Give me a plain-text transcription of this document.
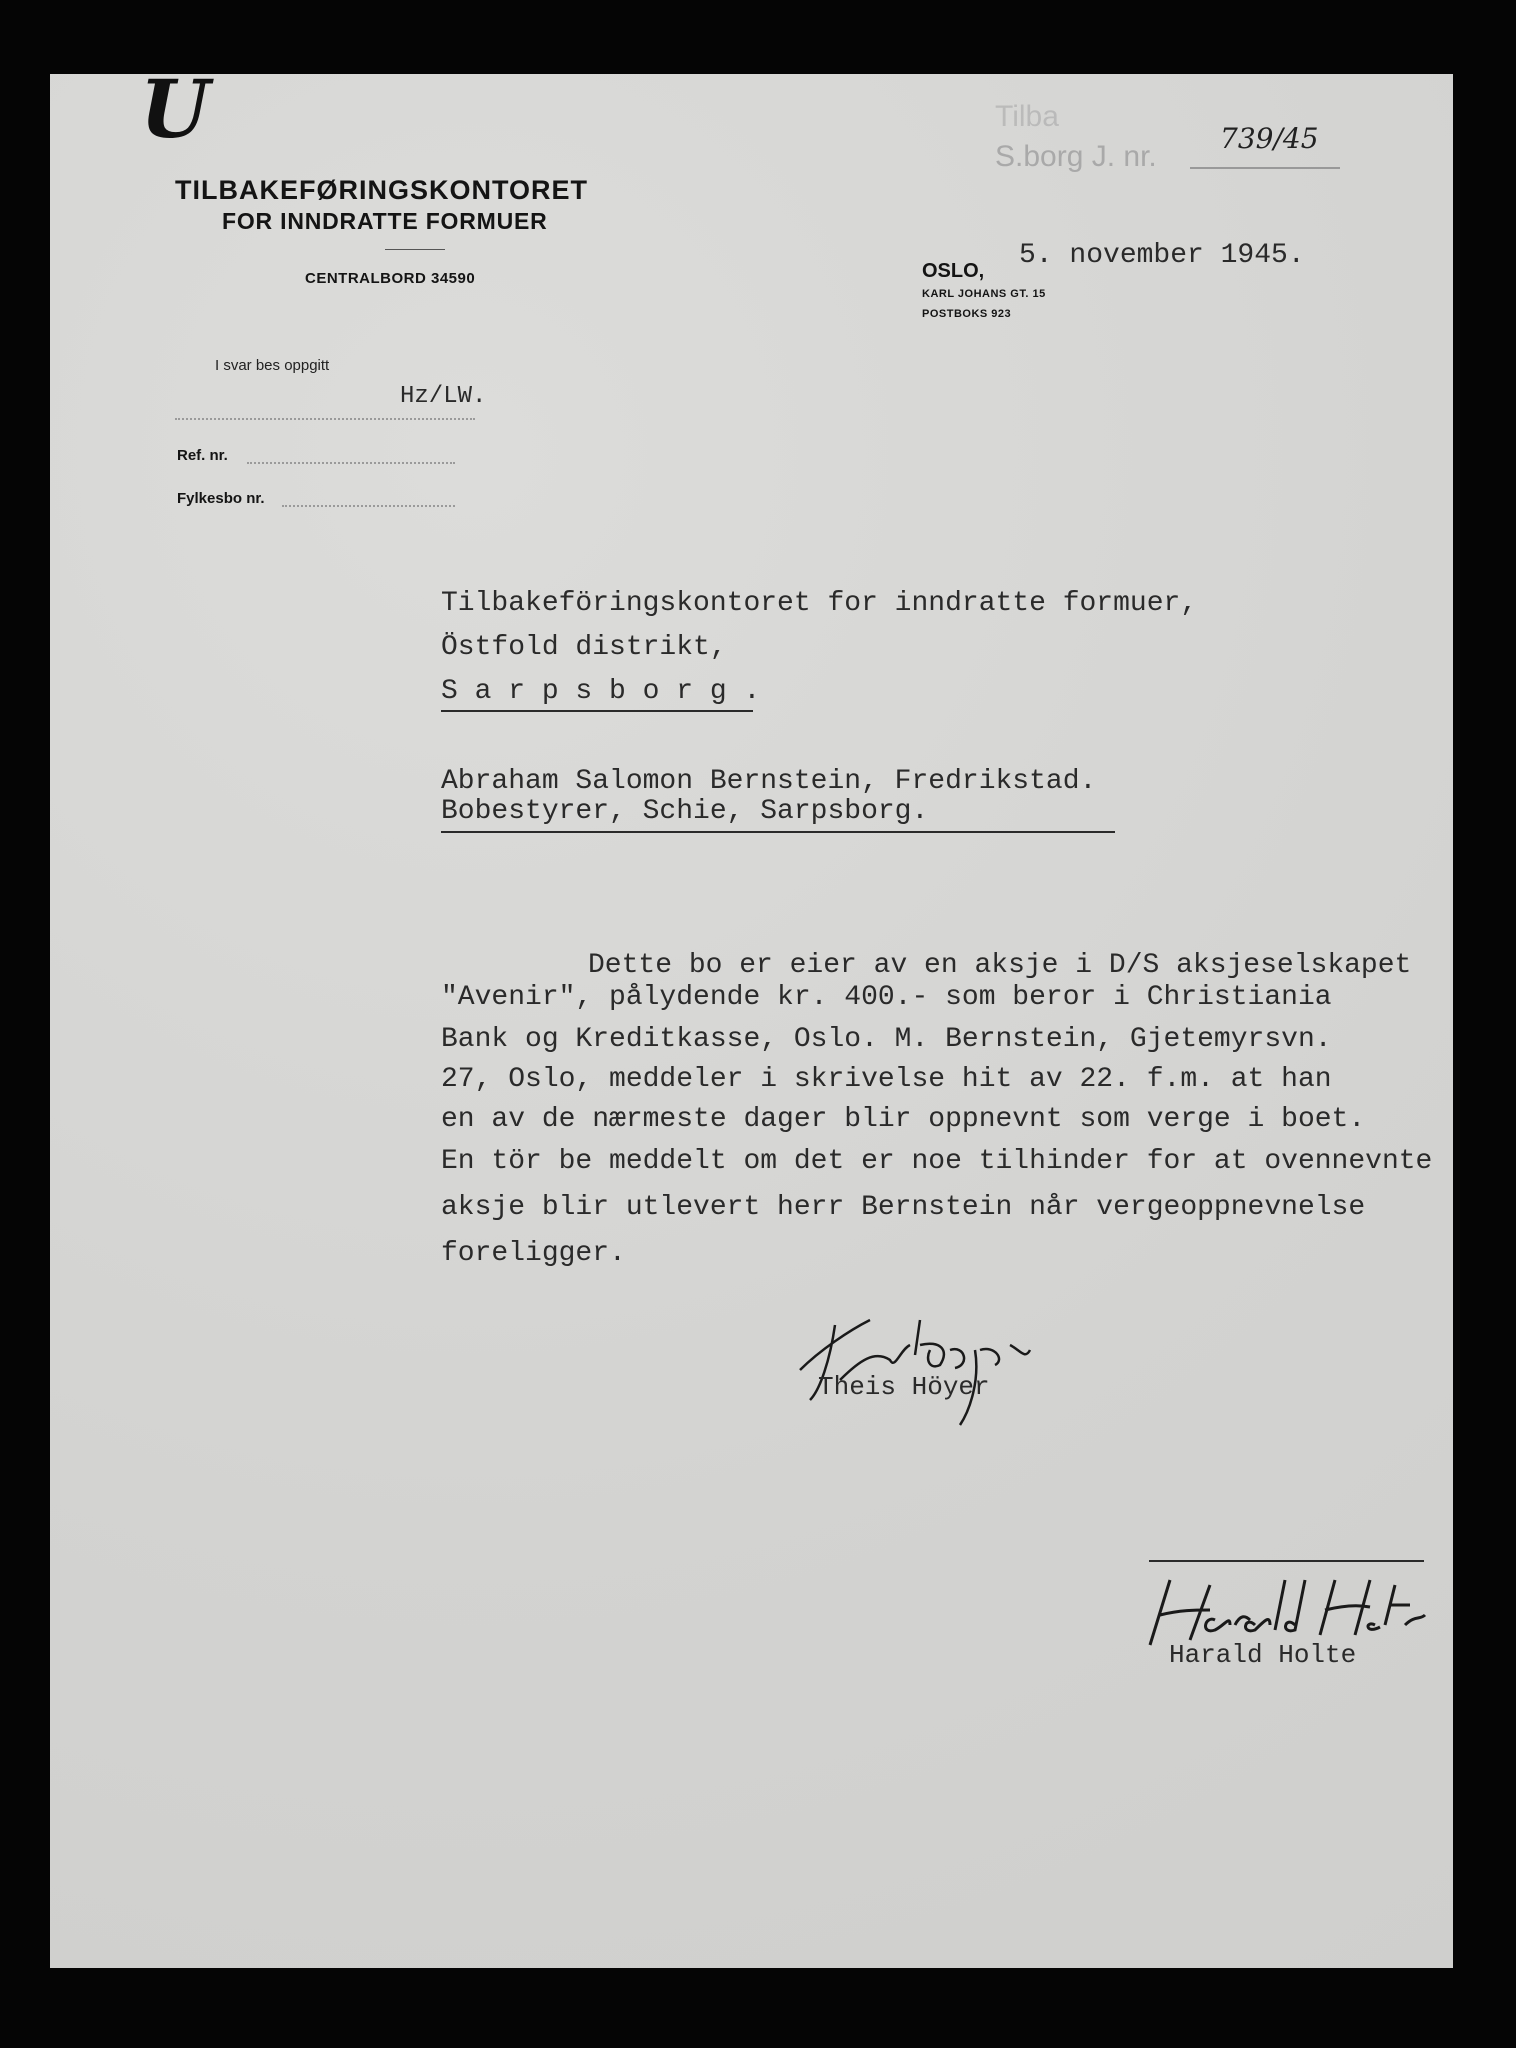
U
TILBAKEFØRINGSKONTORET
FOR INNDRATTE FORMUER
CENTRALBORD 34590	OSLO,
KARL JOHANS GT. 15
POSTBOKS 923
5. november 1945.
Tilba
S.borg J. nr.
739/45
I svar bes oppgitt
Hz/LW.
Ref. nr.
Fylkesbo nr.
Tilbakeföringskontoret for inndratte formuer,
Östfold distrikt,
S a r p s b o r g .
Abraham Salomon Bernstein, Fredrikstad.
Bobestyrer, Schie, Sarpsborg.
Dette bo er eier av en aksje i D/S aksjeselskapet
"Avenir", pålydende kr. 400.- som beror i Christiania
Bank og Kreditkasse, Oslo. M. Bernstein, Gjetemyrsvn.
27, Oslo, meddeler i skrivelse hit av 22. f.m. at han
en av de nærmeste dager blir oppnevnt som verge i boet.
En tör be meddelt om det er noe tilhinder for at ovennevnte
aksje blir utlevert herr Bernstein når vergeoppnevnelse
foreligger.
Theis Höyer
Harald Holte
